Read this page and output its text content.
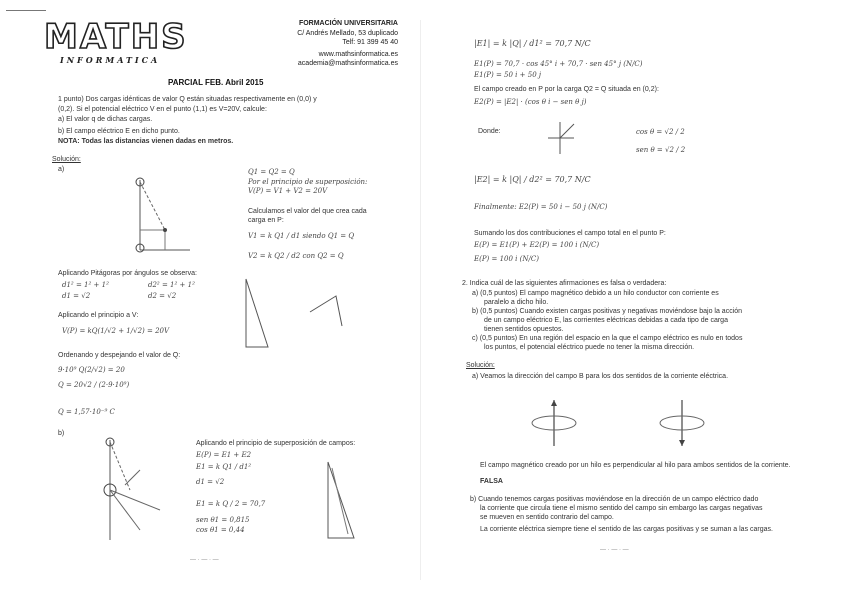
MATHS
INFORMATICA
FORMACIÓN UNIVERSITARIA
C/ Andrés Mellado, 53 duplicado
Telf: 91 399 45 40
www.mathsinformatica.es
academia@mathsinformatica.es
PARCIAL FEB. Abril 2015
1 punto) Dos cargas idénticas de valor Q están situadas respectivamente en (0,0) y
(0,2). Si el potencial eléctrico V en el punto (1,1) es V=20V, calcule:
a) El valor q de dichas cargas.
b) El campo eléctrico E en dicho punto.
NOTA: Todas las distancias vienen dadas en metros.
Solución:
a)	Q1 = Q2 = Q
Por el principio de superposición:
V(P) = V1 + V2 = 20V
Calculamos el valor del que crea cada
carga en P:
V1 = k Q1 / d1 siendo Q1 = Q
V2 = k Q2 / d2 con Q2 = Q
Aplicando Pitágoras por ángulos se observa:
d1² = 1² + 1²
d1 = √2
d2² = 1² + 1²
d2 = √2
Aplicando el principio a V:
V(P) = kQ(1/√2 + 1/√2) = 20V
Ordenando y despejando el valor de Q:
9·10⁹ Q(2/√2) = 20
Q = 20√2 / (2·9·10⁹)
Q = 1,57·10⁻⁹ C
b)
Aplicando el principio de superposición de campos:
E(P) = E1 + E2
E1 = k Q1 / d1²
d1 = √2
E1 = k Q / 2 = 70,7
sen θ1 = 0,815
cos θ1 = 0,44
— · — · —
|E1| = k |Q| / d1² = 70,7 N/C
E1(P) = 70,7 · cos 45° i + 70,7 · sen 45° j (N/C)
E1(P) = 50 i + 50 j
El campo creado en P por la carga Q2 = Q situada en (0,2):
E2(P) = |E2| · (cos θ i − sen θ j)
Donde:	cos θ = √2 / 2
sen θ = √2 / 2
|E2| = k |Q| / d2² = 70,7 N/C
Finalmente: E2(P) = 50 i − 50 j (N/C)
Sumando los dos contribuciones el campo total en el punto P:
E(P) = E1(P) + E2(P) = 100 i (N/C)
E(P) = 100 i (N/C)
2. Indica cuál de las siguientes afirmaciones es falsa o verdadera:
a) (0,5 puntos) El campo magnético debido a un hilo conductor con corriente es
paralelo a dicho hilo.
b) (0,5 puntos) Cuando existen cargas positivas y negativas moviéndose bajo la acción
de un campo eléctrico E, las corrientes eléctricas debidas a cada tipo de carga
tienen sentidos opuestos.
c) (0,5 puntos) En una región del espacio en la que el campo eléctrico es nulo en todos
los puntos, el potencial eléctrico puede no tener la misma dirección.
Solución:
a) Veamos la dirección del campo B para los dos sentidos de la corriente eléctrica.
El campo magnético creado por un hilo es perpendicular al hilo para ambos sentidos de la corriente.
FALSA
b) Cuando tenemos cargas positivas moviéndose en la dirección de un campo eléctrico dado
la corriente que circula tiene el mismo sentido del campo sin embargo las cargas negativas
se mueven en sentido contrario del campo.
La corriente eléctrica siempre tiene el sentido de las cargas positivas y se suman a las cargas.
— · — · —
